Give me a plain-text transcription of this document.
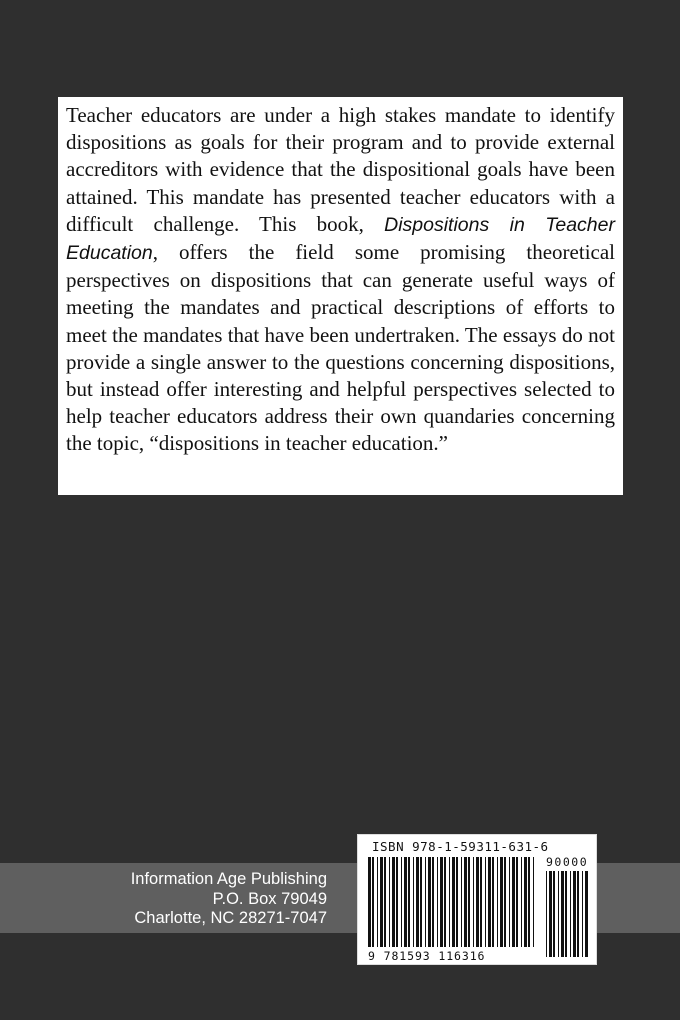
Teacher educators are under a high stakes mandate to identify dispositions as goals for their program and to provide external accreditors with evidence that the dispositional goals have been attained. This mandate has presented teacher educators with a difficult challenge. This book, Dispositions in Teacher Education, offers the field some promising theoretical perspectives on dispositions that can generate useful ways of meeting the mandates and practical descriptions of efforts to meet the mandates that have been undertraken. The essays do not provide a single answer to the questions concerning dispositions, but instead offer interesting and helpful perspectives selected to help teacher educators address their own quandaries concerning the topic, “dispositions in teacher education.”

Information Age Publishing
P.O. Box 79049
Charlotte, NC 28271-7047
ISBN 978-1-59311-631-6
9 781593 116316
90000
